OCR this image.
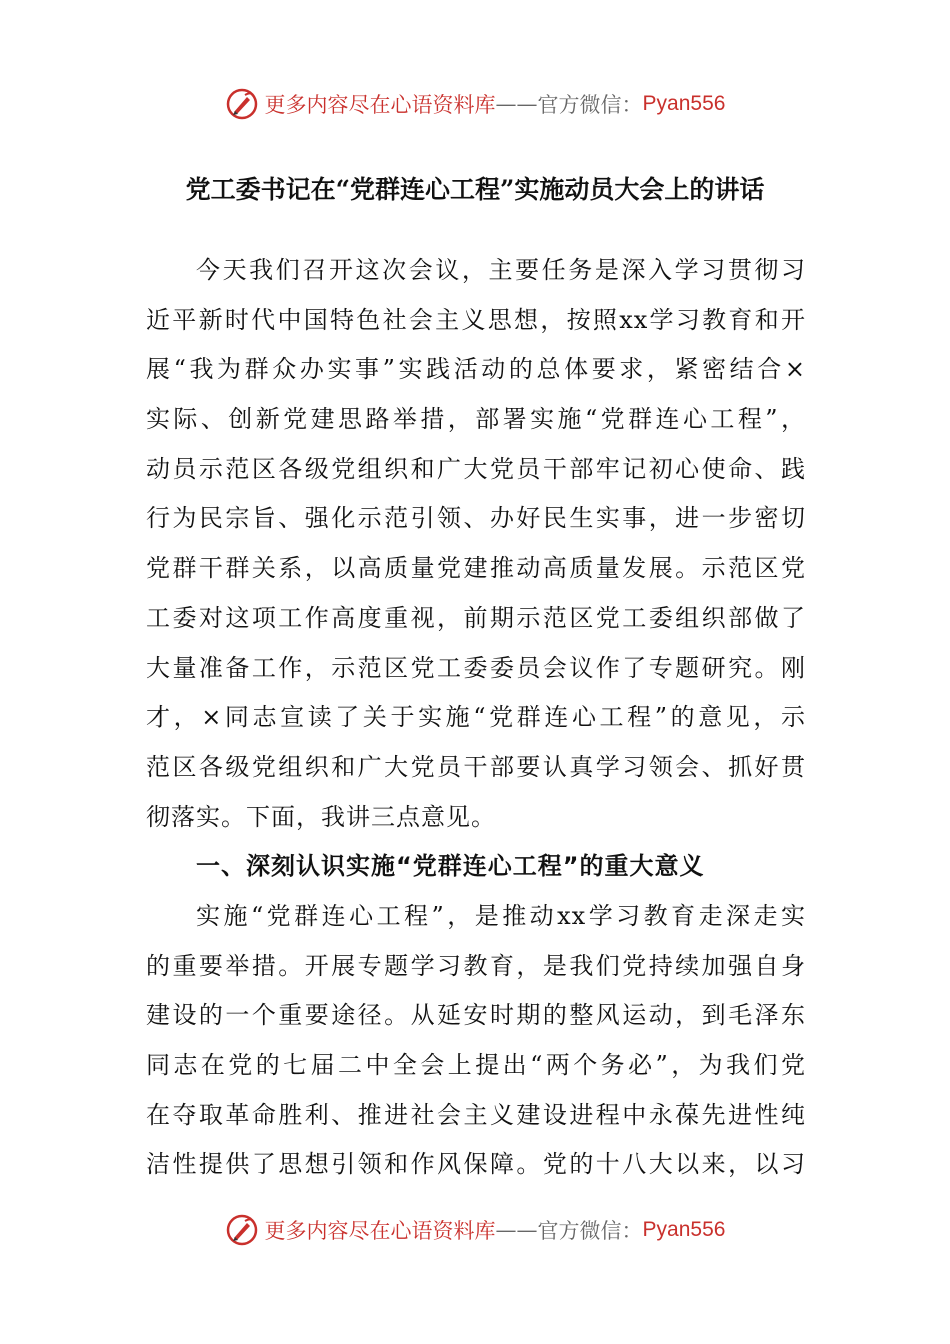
更多内容尽在心语资料库 —— 官方微信： Pyan556
党工委书记在“党群连心工程”实施动员大会上的讲话
今天我们召开这次会议，主要任务是深入学习贯彻习
近平新时代中国特色社会主义思想，按照xx学习教育和开
展“我为群众办实事”实践活动的总体要求，紧密结合×
实际、创新党建思路举措，部署实施“党群连心工程”，
动员示范区各级党组织和广大党员干部牢记初心使命、践
行为民宗旨、强化示范引领、办好民生实事，进一步密切
党群干群关系，以高质量党建推动高质量发展。示范区党
工委对这项工作高度重视，前期示范区党工委组织部做了
大量准备工作，示范区党工委委员会议作了专题研究。刚
才，×同志宣读了关于实施“党群连心工程”的意见，示
范区各级党组织和广大党员干部要认真学习领会、抓好贯
彻落实。下面，我讲三点意见。
一、深刻认识实施“党群连心工程”的重大意义
实施“党群连心工程”，是推动xx学习教育走深走实
的重要举措。开展专题学习教育，是我们党持续加强自身
建设的一个重要途径。从延安时期的整风运动，到毛泽东
同志在党的七届二中全会上提出“两个务必”，为我们党
在夺取革命胜利、推进社会主义建设进程中永葆先进性纯
洁性提供了思想引领和作风保障。党的十八大以来，以习
更多内容尽在心语资料库 —— 官方微信： Pyan556
